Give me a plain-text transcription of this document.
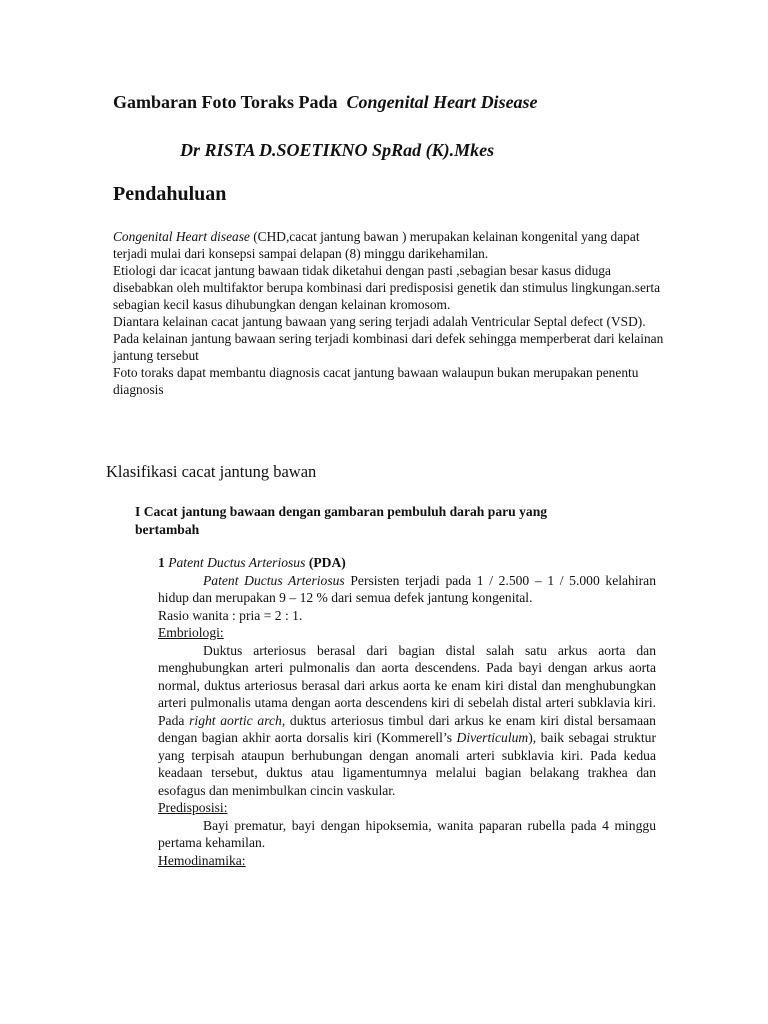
Gambaran Foto Toraks Pada Congenital Heart Disease
Dr RISTA D.SOETIKNO SpRad (K).Mkes
Pendahuluan

Congenital Heart disease (CHD,cacat jantung bawan ) merupakan kelainan kongenital yang dapat terjadi mulai dari konsepsi sampai delapan (8) minggu darikehamilan.

Etiologi dar icacat jantung bawaan tidak diketahui dengan pasti ,sebagian besar kasus diduga disebabkan oleh multifaktor berupa kombinasi dari predisposisi genetik dan stimulus lingkungan.serta sebagian kecil kasus dihubungkan dengan kelainan kromosom.

Diantara kelainan cacat jantung bawaan yang sering terjadi adalah Ventricular Septal defect (VSD).

Pada kelainan jantung bawaan sering terjadi kombinasi dari defek sehingga memperberat dari kelainan jantung tersebut

Foto toraks dapat membantu diagnosis cacat jantung bawaan walaupun bukan merupakan penentu diagnosis

Klasifikasi cacat jantung bawan
I Cacat jantung bawaan dengan gambaran pembuluh darah paru yang bertambah

1 Patent Ductus Arteriosus (PDA)

Patent Ductus Arteriosus Persisten terjadi pada 1 / 2.500 – 1 / 5.000 kelahiran hidup dan merupakan 9 – 12 % dari semua defek jantung kongenital.

Rasio wanita : pria = 2 : 1.

Embriologi:

Duktus arteriosus berasal dari bagian distal salah satu arkus aorta dan menghubungkan arteri pulmonalis dan aorta descendens. Pada bayi dengan arkus aorta normal, duktus arteriosus berasal dari arkus aorta ke enam kiri distal dan menghubungkan arteri pulmonalis utama dengan aorta descendens kiri di sebelah distal arteri subklavia kiri. Pada right aortic arch, duktus arteriosus timbul dari arkus ke enam kiri distal bersamaan dengan bagian akhir aorta dorsalis kiri (Kommerell’s Diverticulum), baik sebagai struktur yang terpisah ataupun berhubungan dengan anomali arteri subklavia kiri. Pada kedua keadaan tersebut, duktus atau ligamentumnya melalui bagian belakang trakhea dan esofagus dan menimbulkan cincin vaskular.

Predisposisi:

Bayi prematur, bayi dengan hipoksemia, wanita paparan rubella pada 4 minggu pertama kehamilan.

Hemodinamika:
